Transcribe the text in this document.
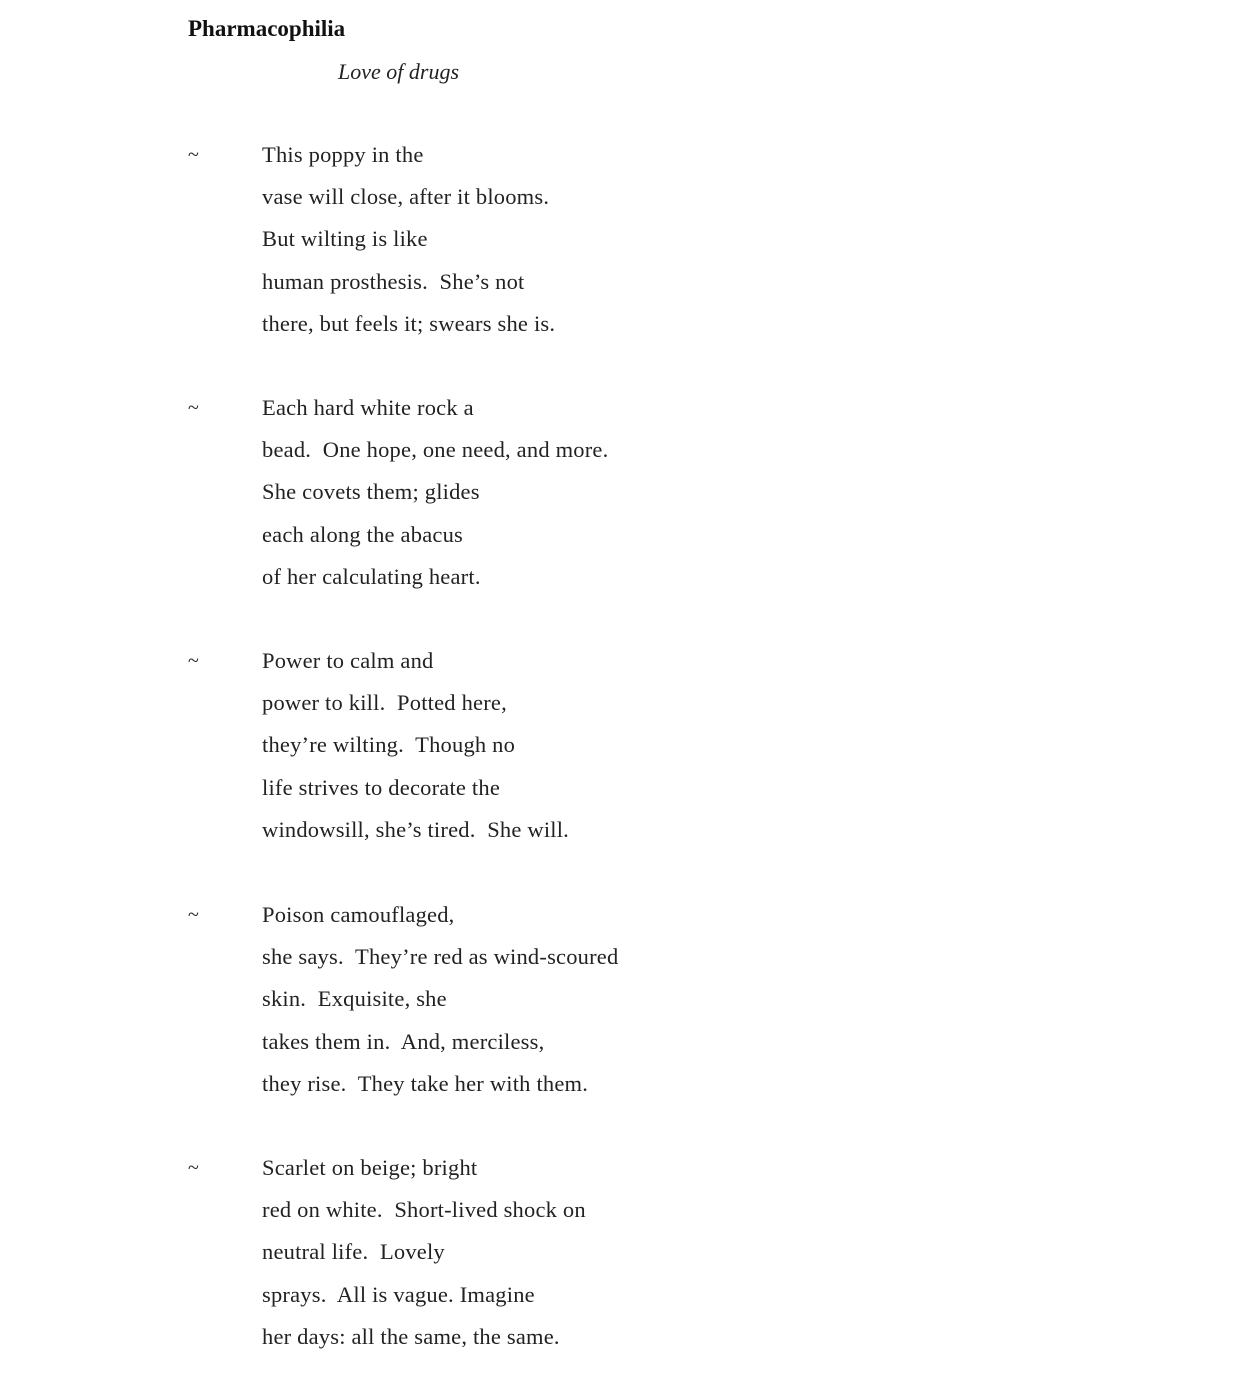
Pharmacophilia
Love of drugs
~	This poppy in the
vase will close, after it blooms.
But wilting is like
human prosthesis.  She’s not
there, but feels it; swears she is.
~	Each hard white rock a
bead.  One hope, one need, and more.
She covets them; glides
each along the abacus
of her calculating heart.
~	Power to calm and
power to kill.  Potted here,
they’re wilting.  Though no
life strives to decorate the
windowsill, she’s tired.  She will.
~	Poison camouflaged,
she says.  They’re red as wind-scoured
skin.  Exquisite, she
takes them in.  And, merciless,
they rise.  They take her with them.
~	Scarlet on beige; bright
red on white.  Short-lived shock on
neutral life.  Lovely
sprays.  All is vague. Imagine
her days: all the same, the same.
